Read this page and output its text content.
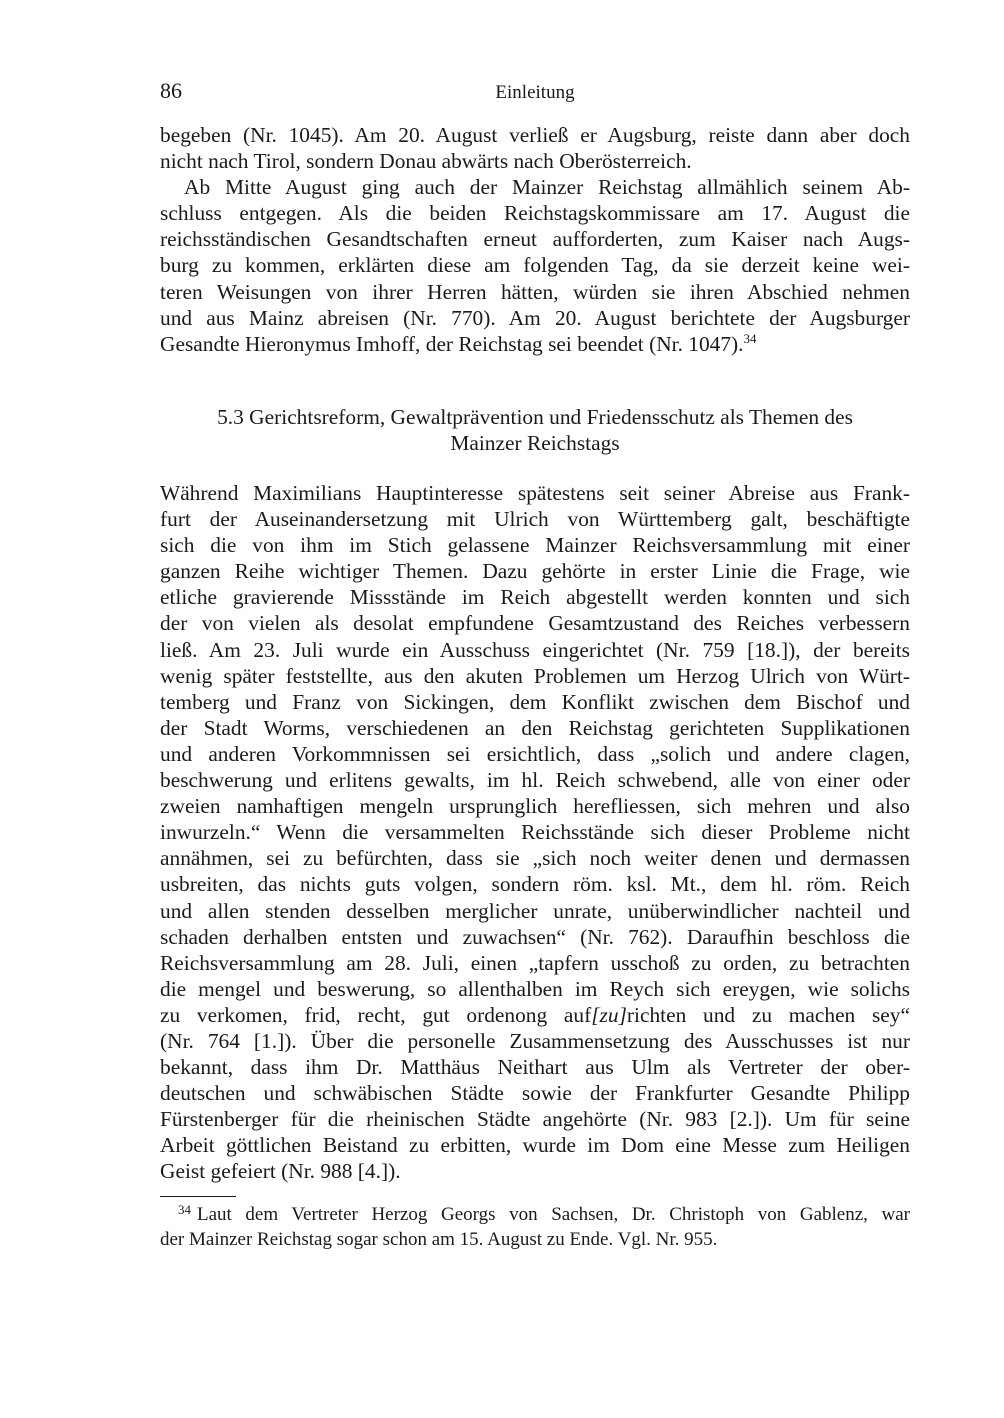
86	Einleitung
begeben (Nr. 1045). Am 20. August verließ er Augsburg, reiste dann aber doch
nicht nach Tirol, sondern Donau abwärts nach Oberösterreich.
Ab Mitte August ging auch der Mainzer Reichstag allmählich seinem Ab-
schluss entgegen. Als die beiden Reichstagskommissare am 17. August die
reichsständischen Gesandtschaften erneut aufforderten, zum Kaiser nach Augs-
burg zu kommen, erklärten diese am folgenden Tag, da sie derzeit keine wei-
teren Weisungen von ihrer Herren hätten, würden sie ihren Abschied nehmen
und aus Mainz abreisen (Nr. 770). Am 20. August berichtete der Augsburger
Gesandte Hieronymus Imhoff, der Reichstag sei beendet (Nr. 1047).$^{34}$
5.3 Gerichtsreform, Gewaltprävention und Friedensschutz als Themen des
Mainzer Reichstags
Während Maximilians Hauptinteresse spätestens seit seiner Abreise aus Frank-
furt der Auseinandersetzung mit Ulrich von Württemberg galt, beschäftigte
sich die von ihm im Stich gelassene Mainzer Reichsversammlung mit einer
ganzen Reihe wichtiger Themen. Dazu gehörte in erster Linie die Frage, wie
etliche gravierende Missstände im Reich abgestellt werden konnten und sich
der von vielen als desolat empfundene Gesamtzustand des Reiches verbessern
ließ. Am 23. Juli wurde ein Ausschuss eingerichtet (Nr. 759 [18.]), der bereits
wenig später feststellte, aus den akuten Problemen um Herzog Ulrich von Würt-
temberg und Franz von Sickingen, dem Konflikt zwischen dem Bischof und
der Stadt Worms, verschiedenen an den Reichstag gerichteten Supplikationen
und anderen Vorkommnissen sei ersichtlich, dass „solich und andere clagen,
beschwerung und erlitens gewalts, im hl. Reich schwebend, alle von einer oder
zweien namhaftigen mengeln ursprunglich herefliessen, sich mehren und also
inwurzeln.“ Wenn die versammelten Reichsstände sich dieser Probleme nicht
annähmen, sei zu befürchten, dass sie „sich noch weiter denen und dermassen
usbreiten, das nichts guts volgen, sondern röm. ksl. Mt., dem hl. röm. Reich
und allen stenden desselben merglicher unrate, unüberwindlicher nachteil und
schaden derhalben entsten und zuwachsen“ (Nr. 762). Daraufhin beschloss die
Reichsversammlung am 28. Juli, einen „tapfern usschoß zu orden, zu betrachten
die mengel und beswerung, so allenthalben im Reych sich ereygen, wie solichs
zu verkomen, frid, recht, gut ordenong auf[zu]richten und zu machen sey“
(Nr. 764 [1.]). Über die personelle Zusammensetzung des Ausschusses ist nur
bekannt, dass ihm Dr. Matthäus Neithart aus Ulm als Vertreter der ober-
deutschen und schwäbischen Städte sowie der Frankfurter Gesandte Philipp
Fürstenberger für die rheinischen Städte angehörte (Nr. 983 [2.]). Um für seine
Arbeit göttlichen Beistand zu erbitten, wurde im Dom eine Messe zum Heiligen
Geist gefeiert (Nr. 988 [4.]).
$^{34}$ Laut dem Vertreter Herzog Georgs von Sachsen, Dr. Christoph von Gablenz, war
der Mainzer Reichstag sogar schon am 15. August zu Ende. Vgl. Nr. 955.
